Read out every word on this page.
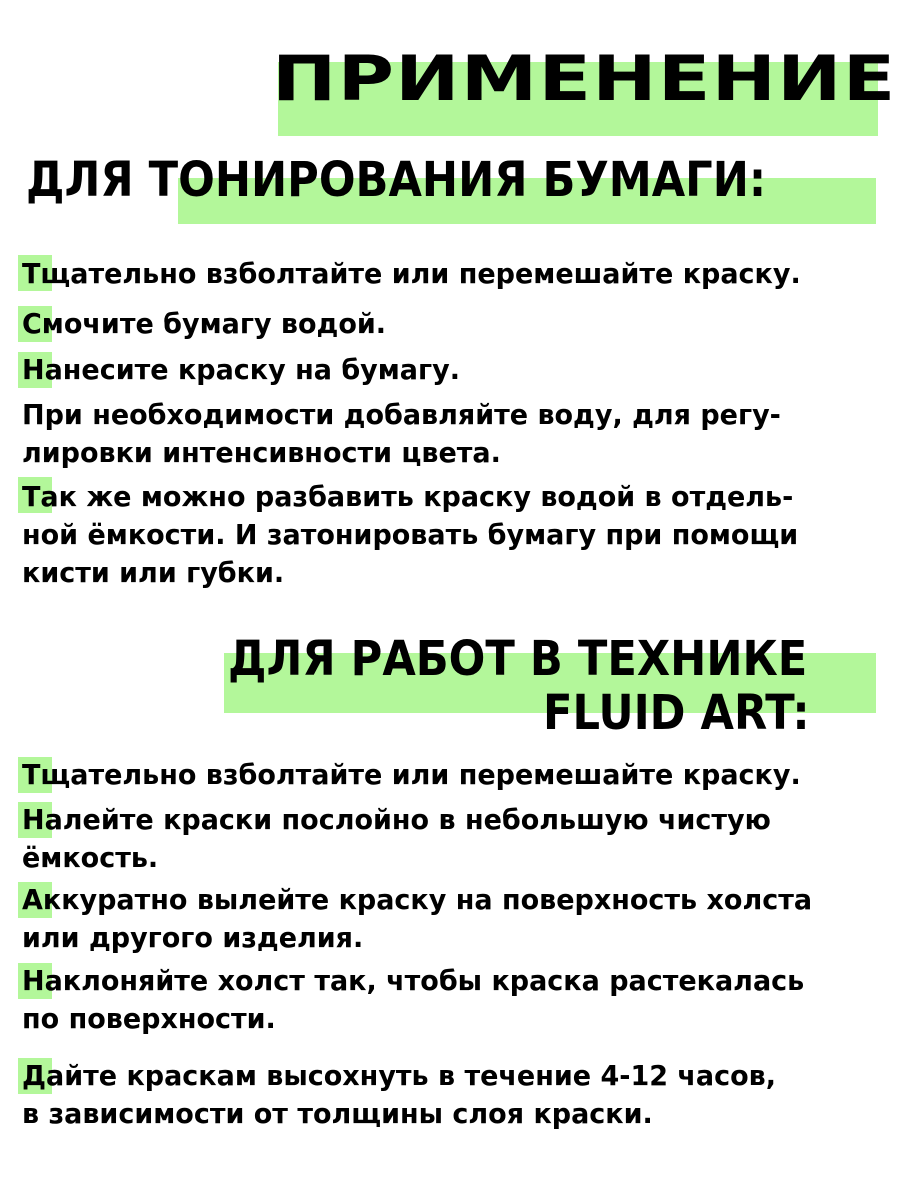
ПРИМЕНЕНИЕ
ДЛЯ ТОНИРОВАНИЯ БУМАГИ:
ДЛЯ РАБОТ В ТЕХНИКЕ
FLUID ART:

Тщательно взболтайте или перемешайте краску.

Смочите бумагу водой.

Нанесите краску на бумагу.

При необходимости добавляйте воду, для регу-
лировки интенсивности цвета.

Так же можно разбавить краску водой в отдель-
ной ёмкости. И затонировать бумагу при помощи
кисти или губки.

Тщательно взболтайте или перемешайте краску.

Налейте краски послойно в небольшую чистую
ёмкость.

Аккуратно вылейте краску на поверхность холста
или другого изделия.

Наклоняйте холст так, чтобы краска растекалась
по поверхности.

Дайте краскам высохнуть в течение 4-12 часов,
в зависимости от толщины слоя краски.
